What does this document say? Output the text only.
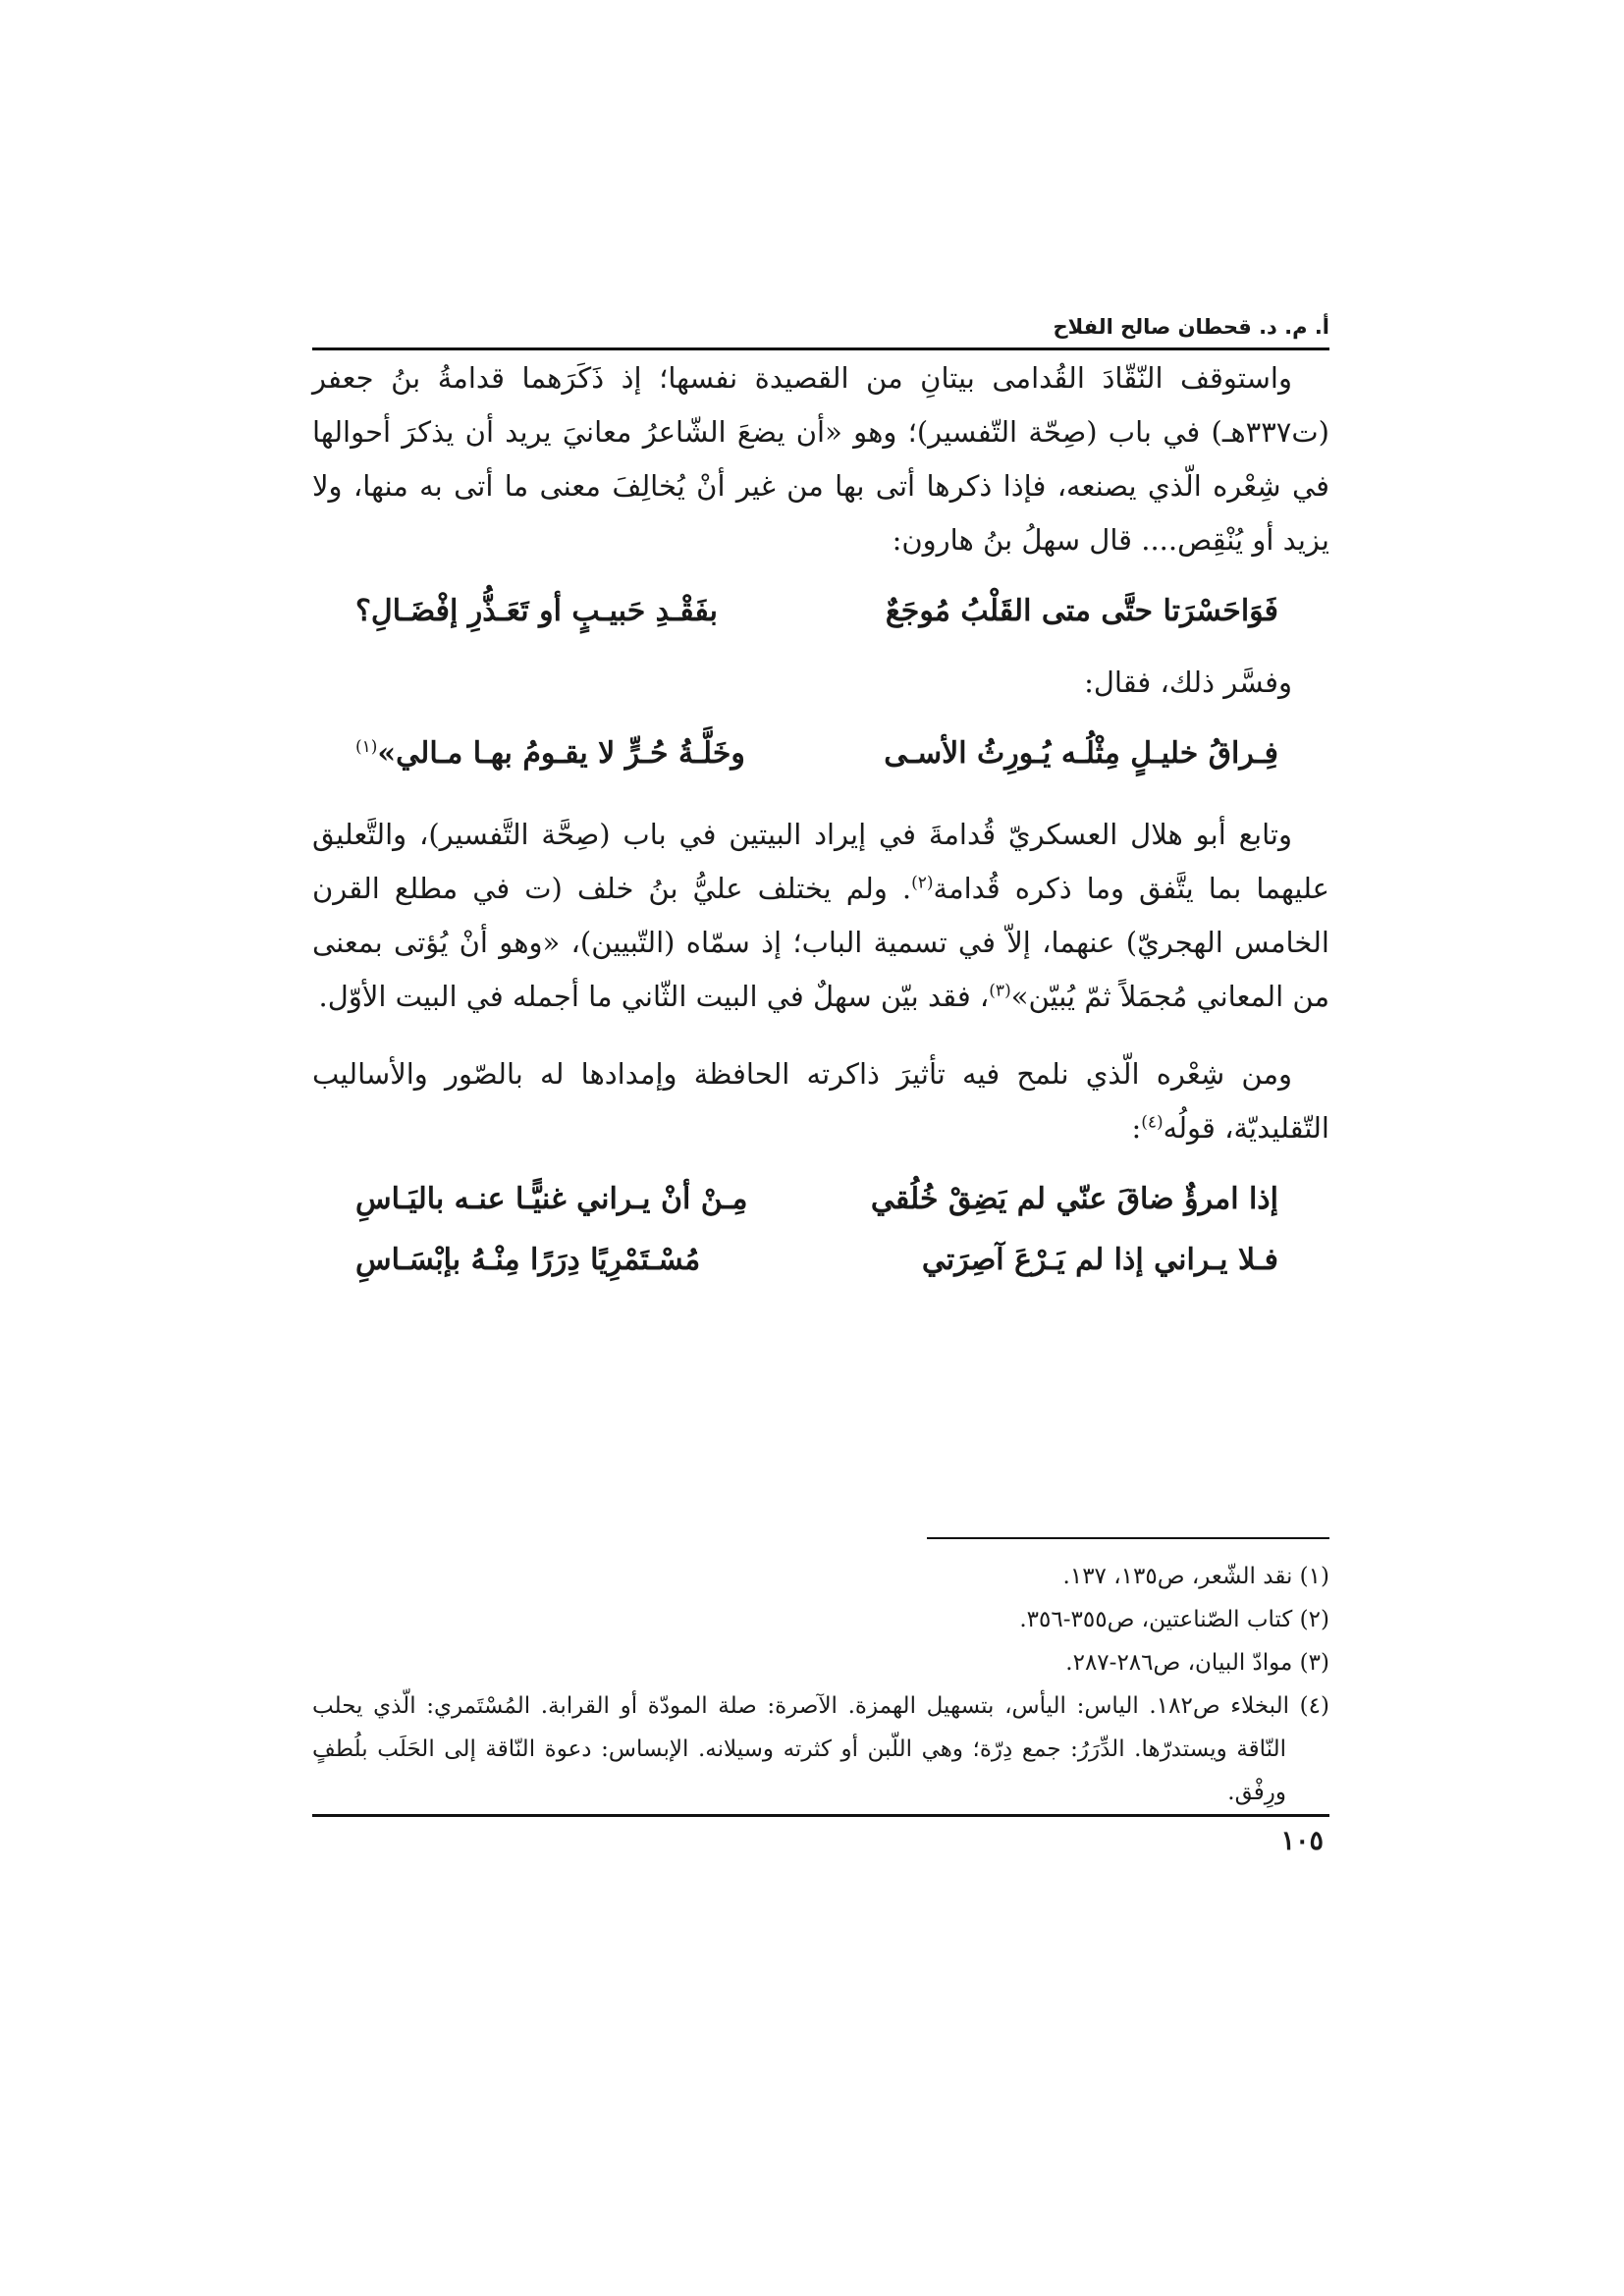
أ. م. د. قحطان صالح الفلاح

واستوقف النّقّادَ القُدامى بيتانِ من القصيدة نفسها؛ إذ ذَكَرَهما قدامةُ بنُ جعفر (ت٣٣٧هـ) في باب (صِحّة التّفسير)؛ وهو «أن يضعَ الشّاعرُ معانيَ يريد أن يذكرَ أحوالها في شِعْره الّذي يصنعه، فإذا ذكرها أتى بها من غير أنْ يُخالِفَ معنى ما أتى به منها، ولا يزيد أو يُنْقِص.... قال سهلُ بنُ هارون:

فَوَاحَسْرَتا حتَّى متى القَلْبُ مُوجَعٌ
بفَقْـدِ حَبيـبٍ أو تَعَـذُّرِ إفْضَـالِ؟

وفسَّر ذلك، فقال:

فِـراقُ خليـلٍ مِثْلُـه يُـورِثُ الأسـى
وخَلَّـةُ حُـرٍّ لا يقـومُ بهـا مـالي»$^{(١)}$

وتابع أبو هلال العسكريّ قُدامةَ في إيراد البيتين في باب (صِحَّة التَّفسير)، والتَّعليق عليهما بما يتَّفق وما ذكره قُدامة$^{(٢)}$. ولم يختلف عليُّ بنُ خلف (ت في مطلع القرن الخامس الهجريّ) عنهما، إلاّ في تسمية الباب؛ إذ سمّاه (التّبيين)، «وهو أنْ يُؤتى بمعنى من المعاني مُجمَلاً ثمّ يُبيّن»$^{(٣)}$، فقد بيّن سهلٌ في البيت الثّاني ما أجمله في البيت الأوّل.

ومن شِعْره الّذي نلمح فيه تأثيرَ ذاكرته الحافظة وإمدادها له بالصّور والأساليب التّقليديّة، قولُه$^{(٤)}$:

إذا امرؤٌ ضاقَ عنّي لم يَضِقْ خُلُقي
مِـنْ أنْ يـراني غنيًّـا عنـه باليَـاسِ
فـلا يـراني إذا لم يَـرْعَ آصِرَتي
مُسْـتَمْرِيًا دِرَرًا مِنْـهُ بإبْسَـاسِ

(١) نقد الشّعر، ص١٣٥، ١٣٧.

(٢) كتاب الصّناعتين، ص٣٥٥-٣٥٦.

(٣) موادّ البيان، ص٢٨٦-٢٨٧.

(٤) البخلاء ص١٨٢. الياس: اليأس، بتسهيل الهمزة. الآصرة: صلة المودّة أو القرابة. المُسْتَمري: الّذي يحلب النّاقة ويستدرّها. الدِّرَرُ: جمع دِرّة؛ وهي اللّبن أو كثرته وسيلانه. الإبساس: دعوة النّاقة إلى الحَلَب بلُطفٍ ورِفْق.

١٠٥
